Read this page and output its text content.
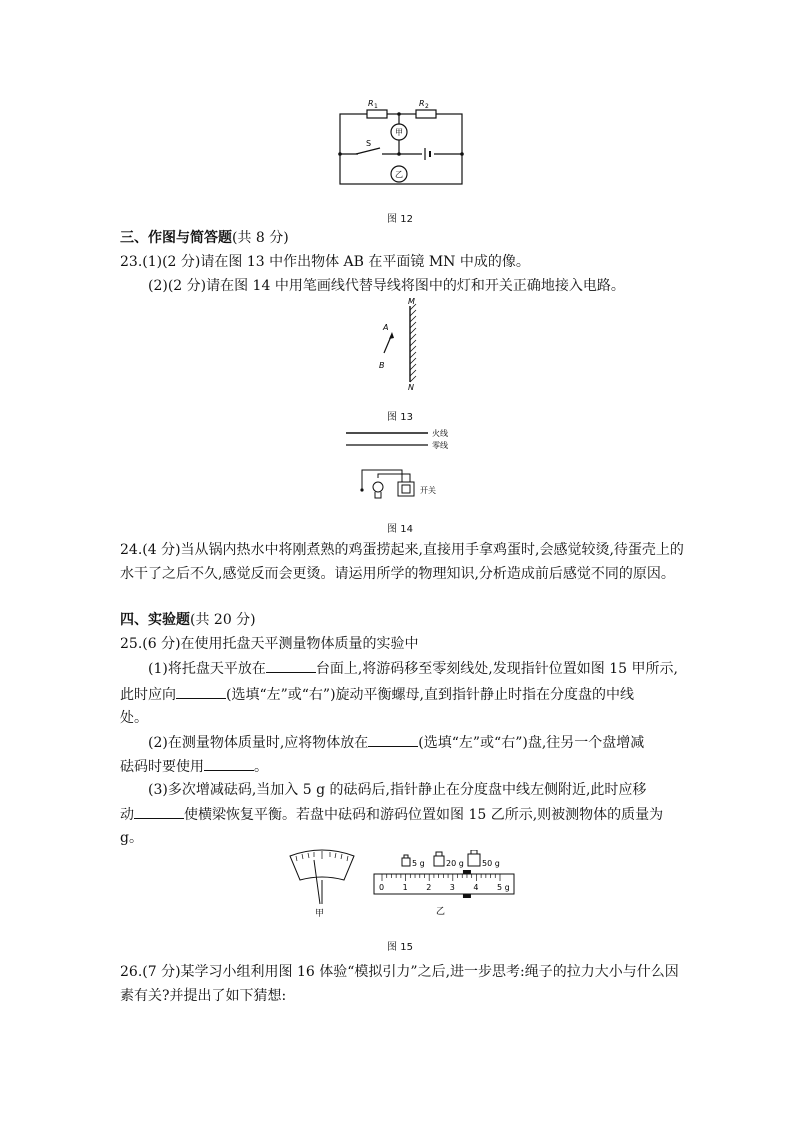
R 1	R 2
甲
乙
S
图 12
三、作图与简答题(共 8 分)
23.(1)(2 分)请在图 13 中作出物体 AB 在平面镜 MN 中成的像。
(2)(2 分)请在图 14 中用笔画线代替导线将图中的灯和开关正确地接入电路。
M
N
A
B
图 13
火线
零线
开关
图 14
24.(4 分)当从锅内热水中将刚煮熟的鸡蛋捞起来,直接用手拿鸡蛋时,会感觉较烫,待蛋壳上的
水干了之后不久,感觉反而会更烫。请运用所学的物理知识,分析造成前后感觉不同的原因。
四、实验题(共 20 分)
25.(6 分)在使用托盘天平测量物体质量的实验中
(1)将托盘天平放在	台面上,将游码移至零刻线处,发现指针位置如图 15 甲所示,
此时应向	(选填“左”或“右”)旋动平衡螺母,直到指针静止时指在分度盘的中线
处。
(2)在测量物体质量时,应将物体放在	(选填“左”或“右”)盘,往另一个盘增减
砝码时要使用	。
(3)多次增减砝码,当加入 5 g 的砝码后,指针静止在分度盘中线左侧附近,此时应移
动	使横梁恢复平衡。若盘中砝码和游码位置如图 15 乙所示,则被测物体的质量为
g。
甲
5 g	20 g 50 g
0 1 2 3 4 5 g
乙
图 15
26.(7 分)某学习小组利用图 16 体验“模拟引力”之后,进一步思考:绳子的拉力大小与什么因
素有关?并提出了如下猜想:
